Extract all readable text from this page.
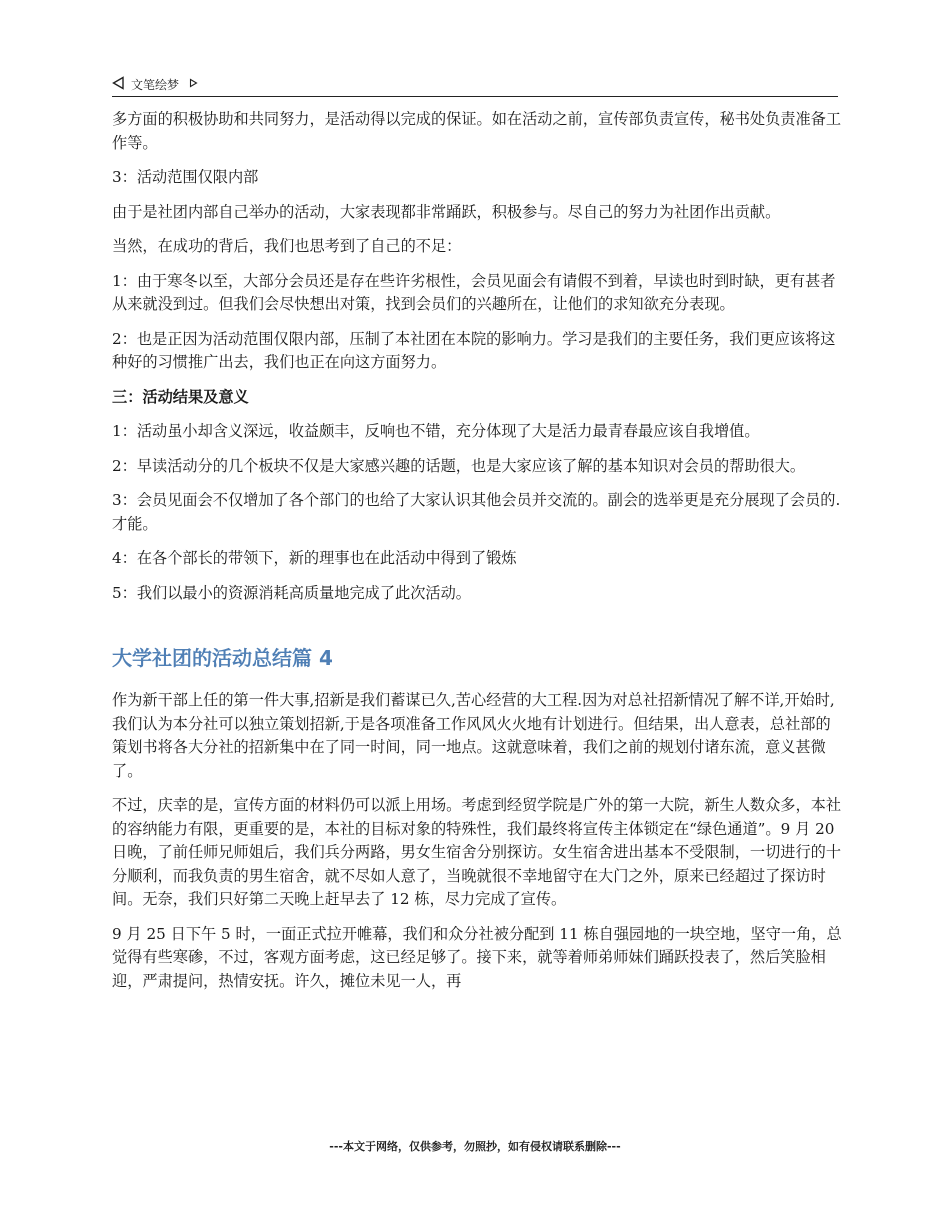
文笔绘梦

多方面的积极协助和共同努力，是活动得以完成的保证。如在活动之前，宣传部负责宣传，秘书处负责准备工作等。

3：活动范围仅限内部

由于是社团内部自己举办的活动，大家表现都非常踊跃，积极参与。尽自己的努力为社团作出贡献。

当然，在成功的背后，我们也思考到了自己的不足：

1：由于寒冬以至，大部分会员还是存在些许劣根性，会员见面会有请假不到着，早读也时到时缺，更有甚者从来就没到过。但我们会尽快想出对策，找到会员们的兴趣所在，让他们的求知欲充分表现。

2：也是正因为活动范围仅限内部，压制了本社团在本院的影响力。学习是我们的主要任务，我们更应该将这种好的习惯推广出去，我们也正在向这方面努力。

三：活动结果及意义

1：活动虽小却含义深远，收益颇丰，反响也不错，充分体现了大是活力最青春最应该自我增值。

2：早读活动分的几个板块不仅是大家感兴趣的话题，也是大家应该了解的基本知识对会员的帮助很大。

3：会员见面会不仅增加了各个部门的也给了大家认识其他会员并交流的。副会的选举更是充分展现了会员的.才能。

4：在各个部长的带领下，新的理事也在此活动中得到了锻炼

5：我们以最小的资源消耗高质量地完成了此次活动。

大学社团的活动总结篇 4

作为新干部上任的第一件大事,招新是我们蓄谋已久,苦心经营的大工程.因为对总社招新情况了解不详,开始时,我们认为本分社可以独立策划招新,于是各项准备工作风风火火地有计划进行。但结果，出人意表，总社部的策划书将各大分社的招新集中在了同一时间，同一地点。这就意味着，我们之前的规划付诸东流，意义甚微了。

不过，庆幸的是，宣传方面的材料仍可以派上用场。考虑到经贸学院是广外的第一大院，新生人数众多，本社的容纳能力有限，更重要的是，本社的目标对象的特殊性，我们最终将宣传主体锁定在“绿色通道”。9 月 20 日晚，了前任师兄师姐后，我们兵分两路，男女生宿舍分别探访。女生宿舍进出基本不受限制，一切进行的十分顺利，而我负责的男生宿舍，就不尽如人意了，当晚就很不幸地留守在大门之外，原来已经超过了探访时间。无奈，我们只好第二天晚上赶早去了 12 栋，尽力完成了宣传。

9 月 25 日下午 5 时，一面正式拉开帷幕，我们和众分社被分配到 11 栋自强园地的一块空地，坚守一角，总觉得有些寒碜，不过，客观方面考虑，这已经足够了。接下来，就等着师弟师妹们踊跃投表了，然后笑脸相迎，严肃提问，热情安抚。许久，摊位未见一人，再

---本文于网络，仅供参考，勿照抄，如有侵权请联系删除---
